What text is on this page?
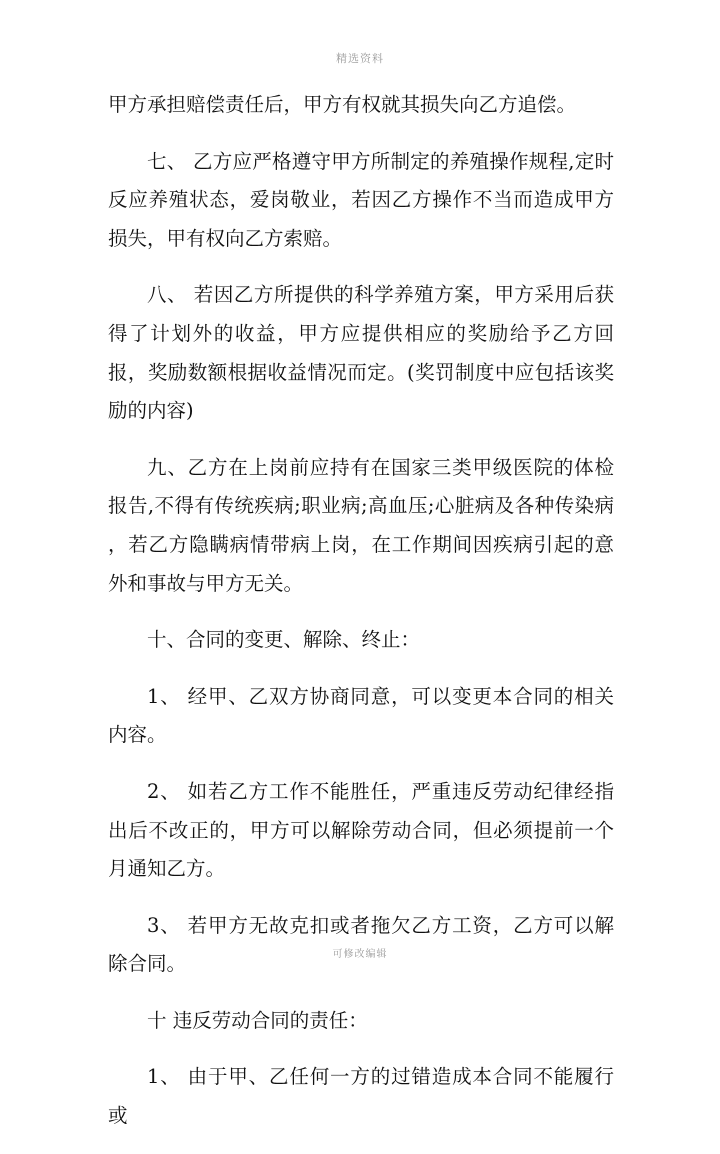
精选资料

甲方承担赔偿责任后，甲方有权就其损失向乙方追偿。

七、 乙方应严格遵守甲方所制定的养殖操作规程,定时反应养殖状态，爱岗敬业，若因乙方操作不当而造成甲方损失，甲有权向乙方索赔。

八、 若因乙方所提供的科学养殖方案，甲方采用后获得了计划外的收益，甲方应提供相应的奖励给予乙方回报，奖励数额根据收益情况而定。(奖罚制度中应包括该奖励的内容)

九、乙方在上岗前应持有在国家三类甲级医院的体检报告,不得有传统疾病;职业病;高血压;心脏病及各种传染病 ，若乙方隐瞒病情带病上岗，在工作期间因疾病引起的意外和事故与甲方无关。

十、合同的变更、解除、终止：

1、 经甲、乙双方协商同意，可以变更本合同的相关内容。

2、 如若乙方工作不能胜任，严重违反劳动纪律经指出后不改正的，甲方可以解除劳动合同，但必须提前一个月通知乙方。

3、 若甲方无故克扣或者拖欠乙方工资，乙方可以解除合同。

十 违反劳动合同的责任：

1、 由于甲、乙任何一方的过错造成本合同不能履行或

可修改编辑
